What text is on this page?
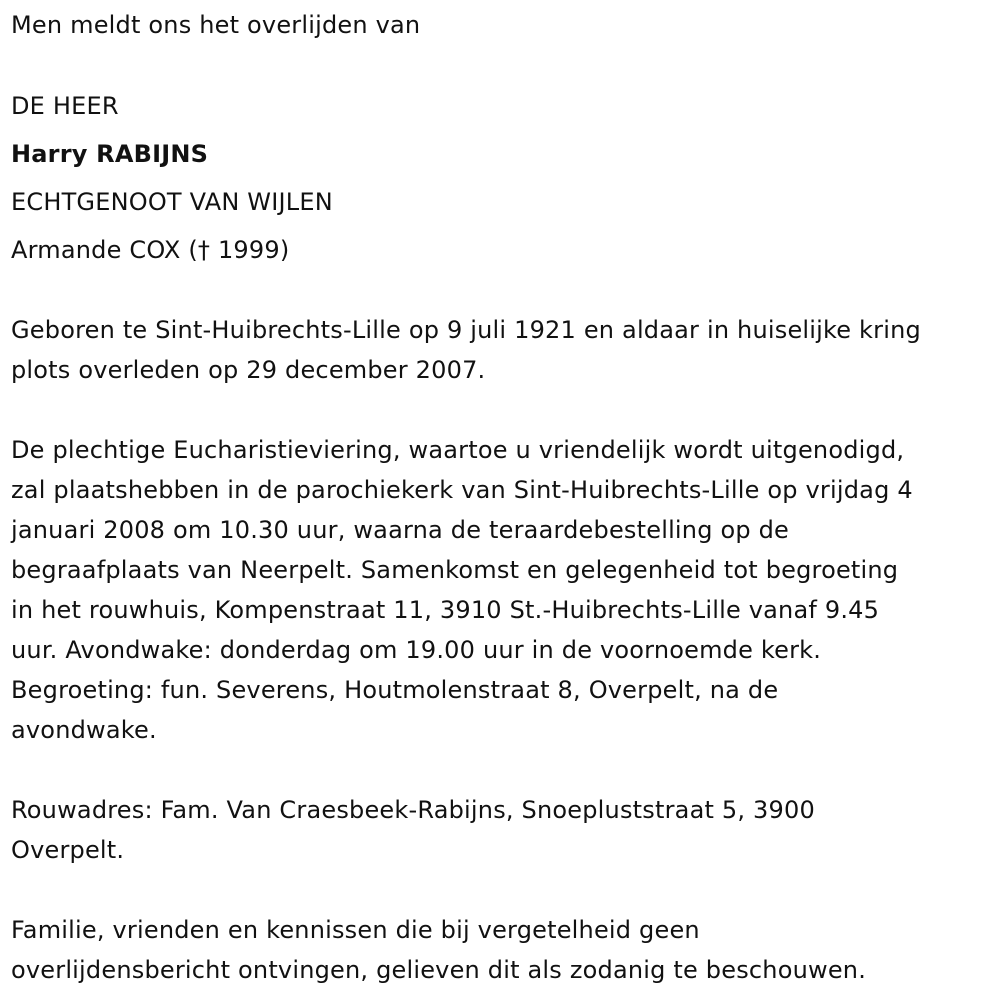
Men meldt ons het overlijden van
DE HEER
Harry RABIJNS
ECHTGENOOT VAN WIJLEN
Armande COX († 1999)
Geboren te Sint-Huibrechts-Lille op 9 juli 1921 en aldaar in huiselijke kring
plots overleden op 29 december 2007.
De plechtige Eucharistieviering, waartoe u vriendelijk wordt uitgenodigd,
zal plaatshebben in de parochiekerk van Sint-Huibrechts-Lille op vrijdag 4
januari 2008 om 10.30 uur, waarna de teraardebestelling op de
begraafplaats van Neerpelt. Samenkomst en gelegenheid tot begroeting
in het rouwhuis, Kompenstraat 11, 3910 St.-Huibrechts-Lille vanaf 9.45
uur. Avondwake: donderdag om 19.00 uur in de voornoemde kerk.
Begroeting: fun. Severens, Houtmolenstraat 8, Overpelt, na de
avondwake.
Rouwadres: Fam. Van Craesbeek-Rabijns, Snoepluststraat 5, 3900
Overpelt.
Familie, vrienden en kennissen die bij vergetelheid geen
overlijdensbericht ontvingen, gelieven dit als zodanig te beschouwen.
